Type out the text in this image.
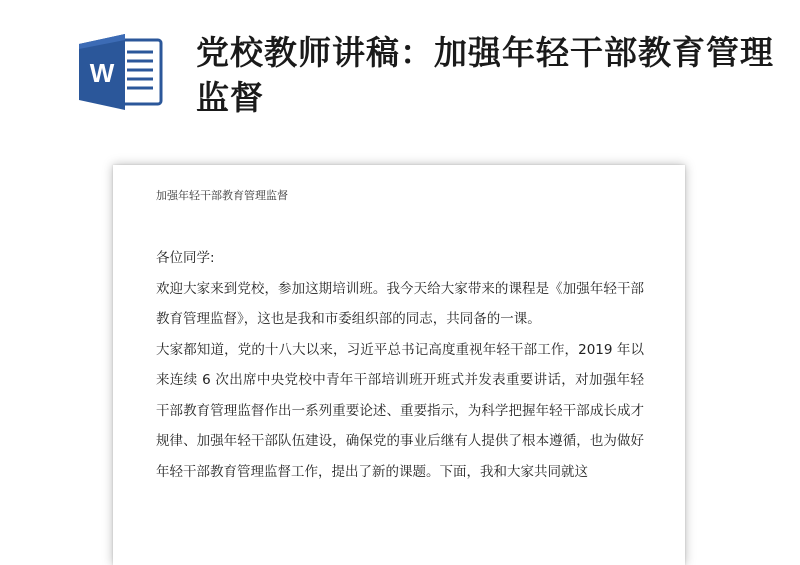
W
党校教师讲稿：加强年轻干部教育管理监督

加强年轻干部教育管理监督

各位同学:

欢迎大家来到党校，参加这期培训班。我今天给大家带来的课程是《加强年轻干部教育管理监督》，这也是我和市委组织部的同志，共同备的一课。

大家都知道，党的十八大以来，习近平总书记高度重视年轻干部工作，2019 年以来连续 6 次出席中央党校中青年干部培训班开班式并发表重要讲话，对加强年轻干部教育管理监督作出一系列重要论述、重要指示，为科学把握年轻干部成长成才规律、加强年轻干部队伍建设，确保党的事业后继有人提供了根本遵循，也为做好年轻干部教育管理监督工作，提出了新的课题。下面，我和大家共同就这
